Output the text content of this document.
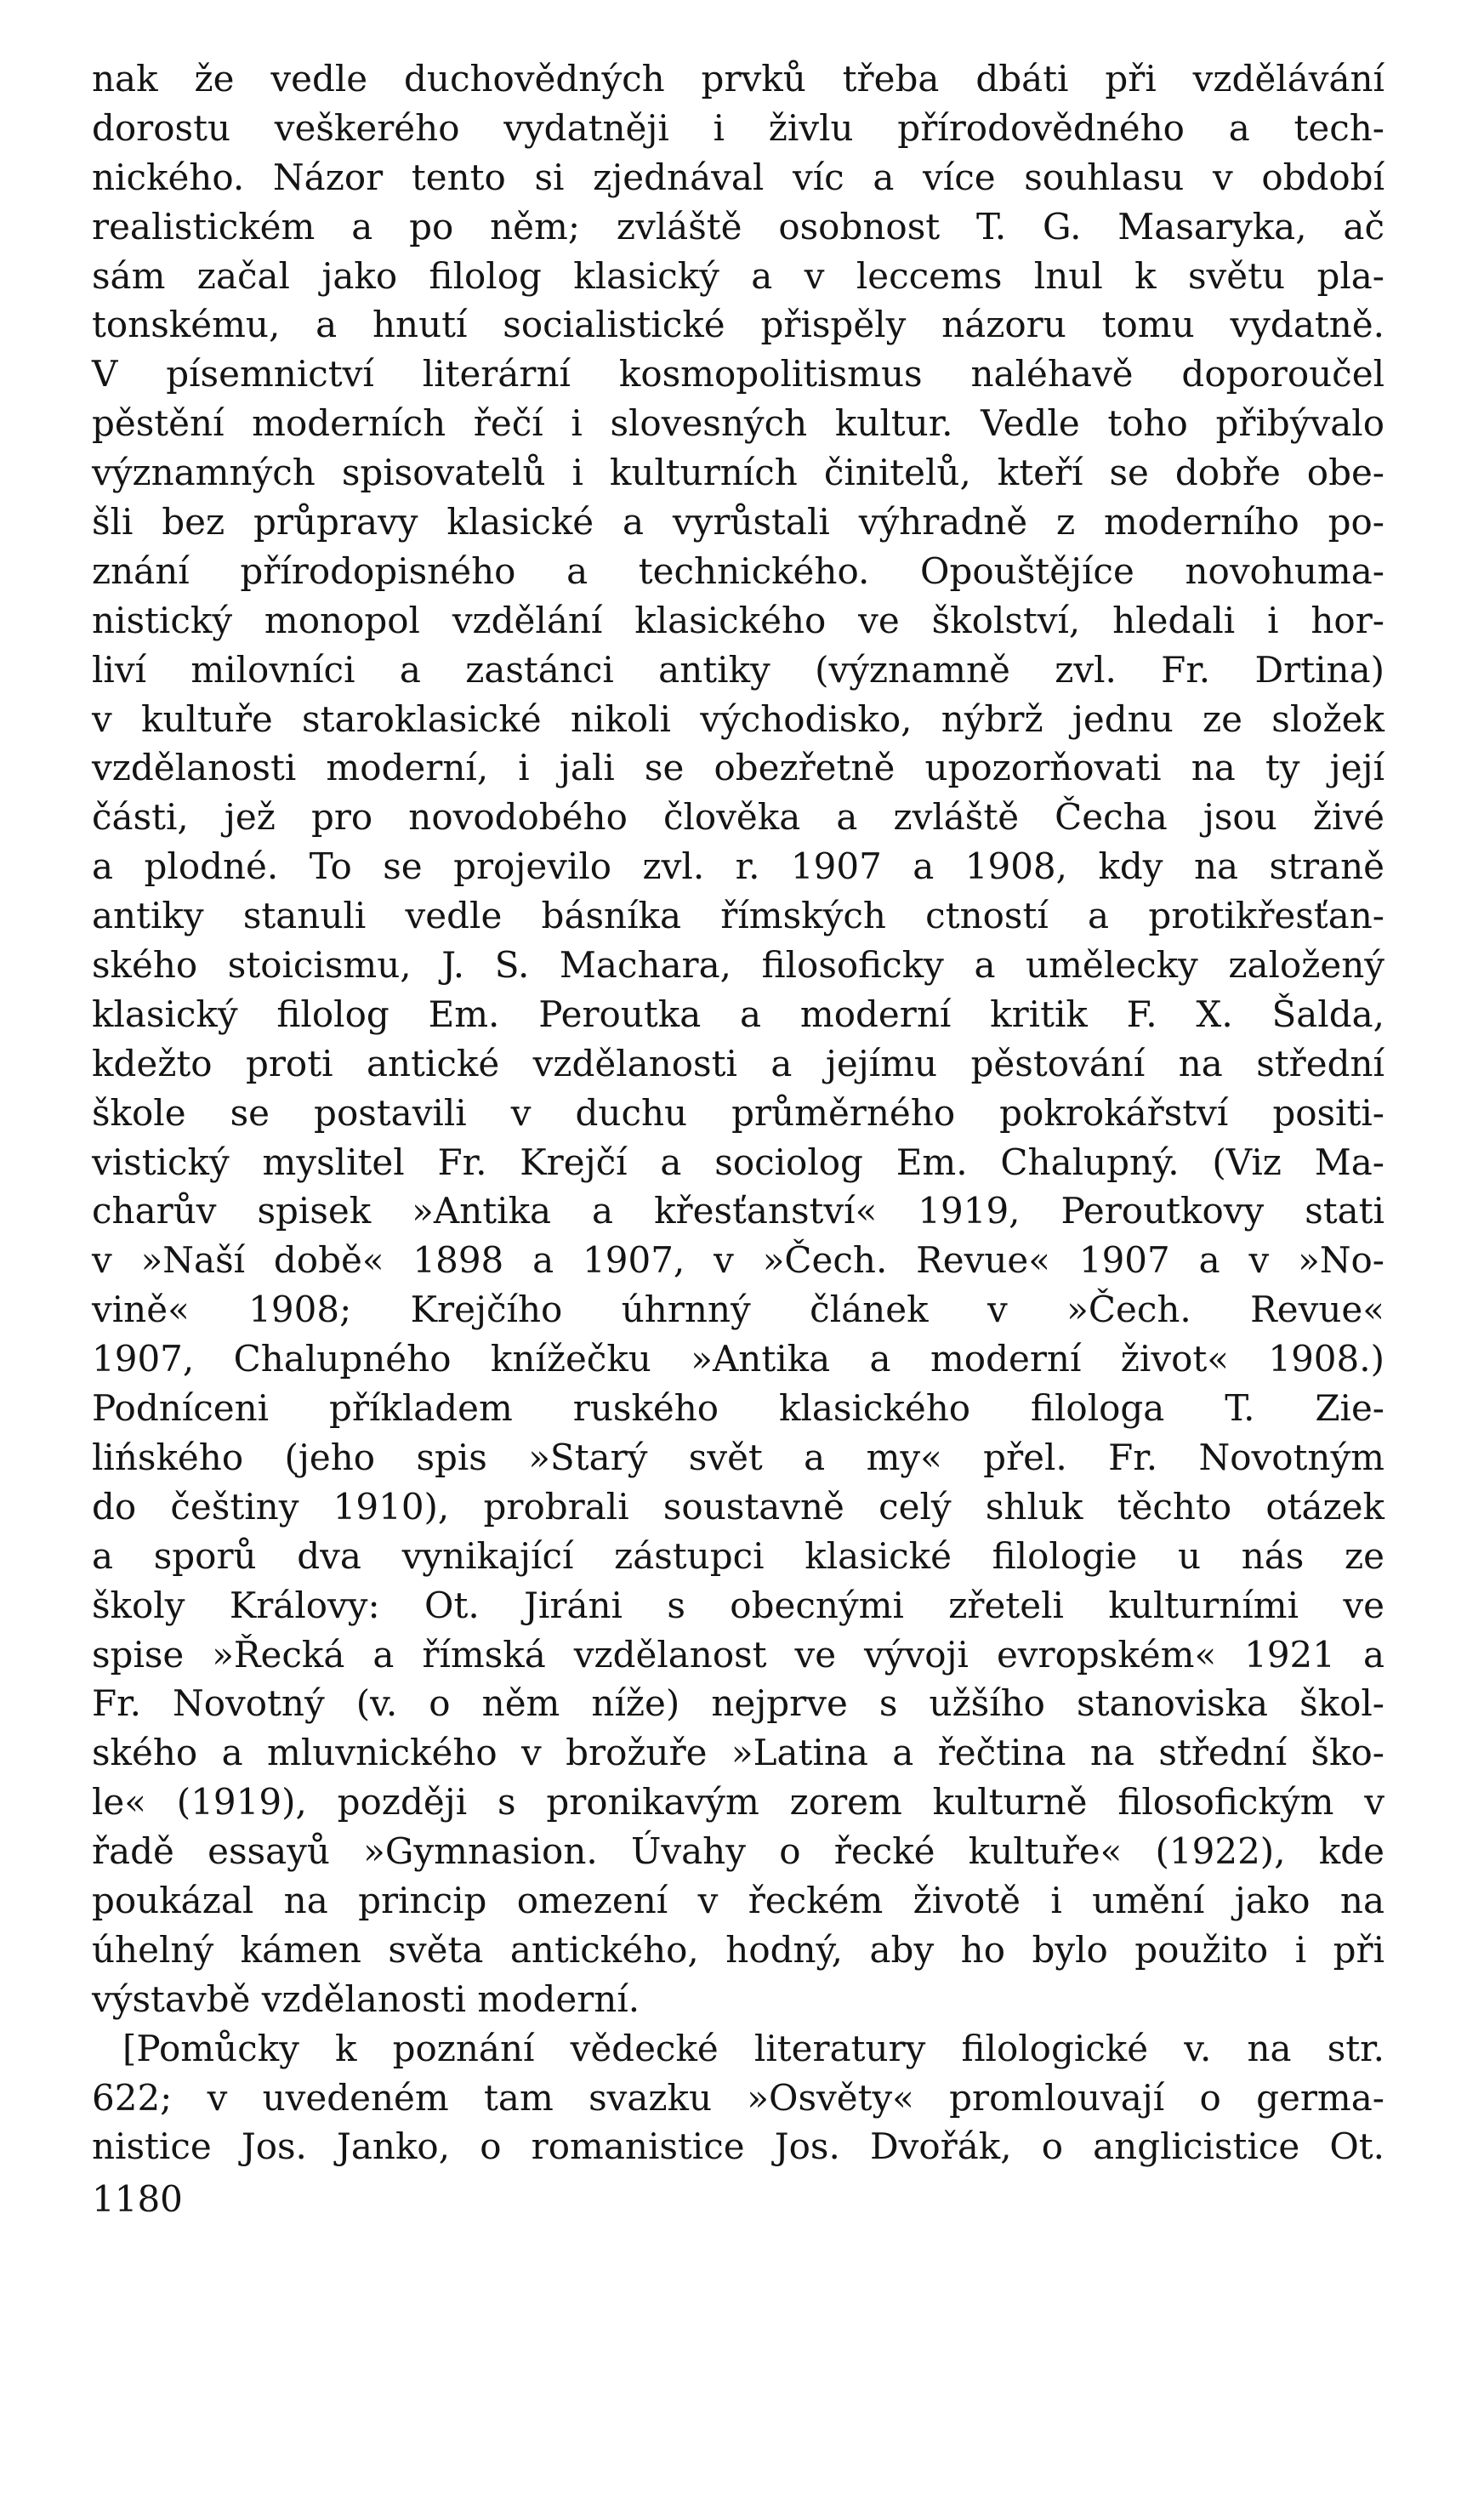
nak že vedle duchovědných prvků třeba dbáti při vzdělávání
dorostu veškerého vydatněji i živlu přírodovědného a tech-
nického. Názor tento si zjednával víc a více souhlasu v období
realistickém a po něm; zvláště osobnost T. G. Masaryka, ač
sám začal jako filolog klasický a v leccems lnul k světu pla-
tonskému, a hnutí socialistické přispěly názoru tomu vydatně.
V písemnictví literární kosmopolitismus naléhavě doporoučel
pěstění moderních řečí i slovesných kultur. Vedle toho přibývalo
významných spisovatelů i kulturních činitelů, kteří se dobře obe-
šli bez průpravy klasické a vyrůstali výhradně z moderního po-
znání přírodopisného a technického. Opouštějíce novohuma-
nistický monopol vzdělání klasického ve školství, hledali i hor-
liví milovníci a zastánci antiky (významně zvl. Fr. Drtina)
v kultuře staroklasické nikoli východisko, nýbrž jednu ze složek
vzdělanosti moderní, i jali se obezřetně upozorňovati na ty její
části, jež pro novodobého člověka a zvláště Čecha jsou živé
a plodné. To se projevilo zvl. r. 1907 a 1908, kdy na straně
antiky stanuli vedle básníka římských ctností a protikřesťan-
ského stoicismu, J. S. Machara, filosoficky a umělecky založený
klasický filolog Em. Peroutka a moderní kritik F. X. Šalda,
kdežto proti antické vzdělanosti a jejímu pěstování na střední
škole se postavili v duchu průměrného pokrokářství positi-
vistický myslitel Fr. Krejčí a sociolog Em. Chalupný. (Viz Ma-
charův spisek »Antika a křesťanství« 1919, Peroutkovy stati
v »Naší době« 1898 a 1907, v »Čech. Revue« 1907 a v »No-
vině« 1908; Krejčího úhrnný článek v »Čech. Revue«
1907, Chalupného knížečku »Antika a moderní život« 1908.)
Podníceni příkladem ruského klasického filologa T. Zie-
lińského (jeho spis »Starý svět a my« přel. Fr. Novotným
do češtiny 1910), probrali soustavně celý shluk těchto otázek
a sporů dva vynikající zástupci klasické filologie u nás ze
školy Královy: Ot. Jiráni s obecnými zřeteli kulturními ve
spise »Řecká a římská vzdělanost ve vývoji evropském« 1921 a
Fr. Novotný (v. o něm níže) nejprve s užšího stanoviska škol-
ského a mluvnického v brožuře »Latina a řečtina na střední ško-
le« (1919), později s pronikavým zorem kulturně filosofickým v
řadě essayů »Gymnasion. Úvahy o řecké kultuře« (1922), kde
poukázal na princip omezení v řeckém životě i umění jako na
úhelný kámen světa antického, hodný, aby ho bylo použito i při
výstavbě vzdělanosti moderní.
[Pomůcky k poznání vědecké literatury filologické v. na str.
622; v uvedeném tam svazku »Osvěty« promlouvají o germa-
nistice Jos. Janko, o romanistice Jos. Dvořák, o anglicistice Ot.
1180
